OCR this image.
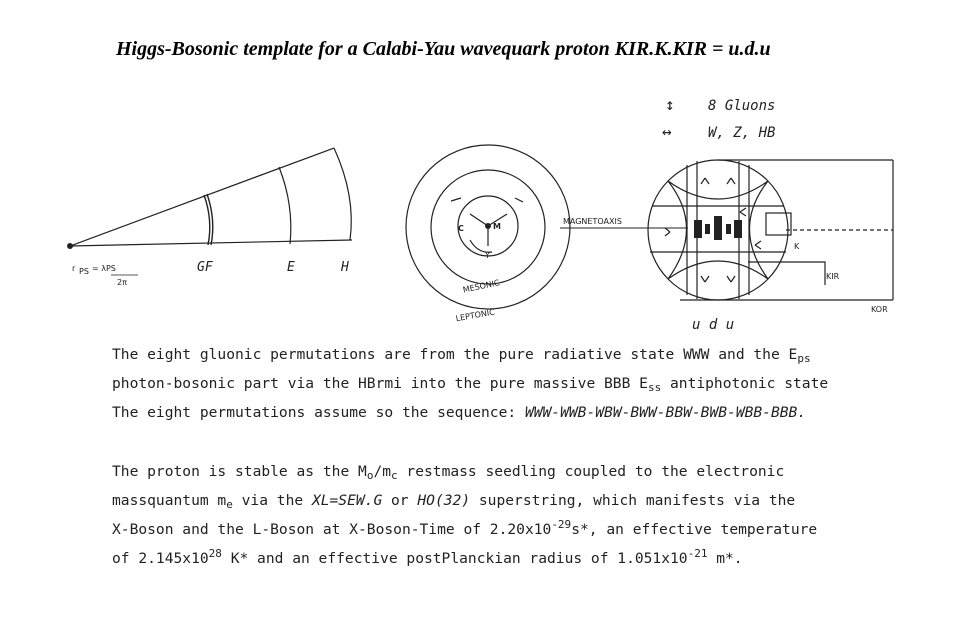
Higgs-Bosonic template for a Calabi-Yau wavequark proton KIR.K.KIR = u.d.u
r PS = λPS
2π
GF	E	H
C	M
Y
MESONIC
LEPTONIC
MAGNETOAXIS
↕ 8 Gluons
↔	W, Z, HB
K
KIR
KOR
u d u
The eight gluonic permutations are from the pure radiative state WWW and the $E_{ps}$
photon-bosonic part via the HBrmi into the pure massive BBB $E_{ss}$ antiphotonic state
The eight permutations assume so the sequence: WWW-WWB-WBW-BWW-BBW-BWB-WBB-BBB.
The proton is stable as the $M_o/m_c$ restmass seedling coupled to the electronic
massquantum $m_e$ via the XL=SEW.G or HO(32) superstring, which manifests via the
X-Boson and the L-Boson at X-Boson-Time of $2.20x10^{-29}s*$, an effective temperature
of $2.145x10^{28}$ K* and an effective postPlanckian radius of $1.051x10^{-21}$ m*.
